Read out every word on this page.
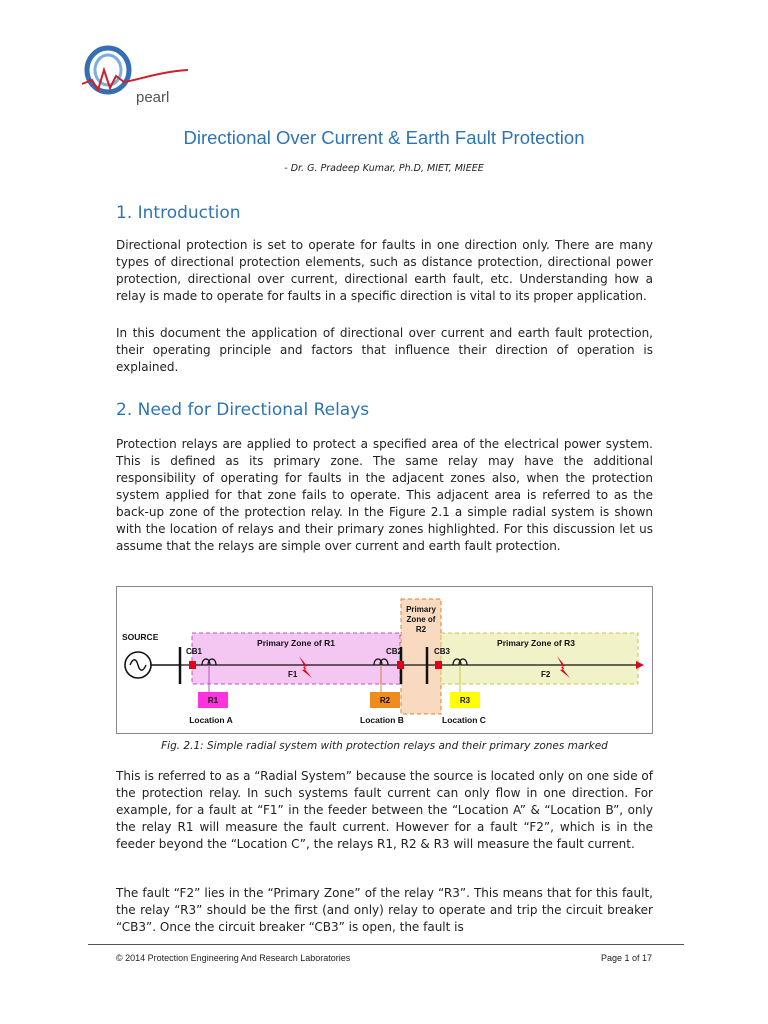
pearl
Directional Over Current & Earth Fault Protection
- Dr. G. Pradeep Kumar, Ph.D, MIET, MIEEE
1. Introduction
Directional protection is set to operate for faults in one direction only. There are many types of directional protection elements, such as distance protection, directional power protection, directional over current, directional earth fault, etc. Understanding how a relay is made to operate for faults in a specific direction is vital to its proper application.
In this document the application of directional over current and earth fault protection, their operating principle and factors that influence their direction of operation is explained.
2. Need for Directional Relays
Protection relays are applied to protect a specified area of the electrical power system. This is defined as its primary zone. The same relay may have the additional responsibility of operating for faults in the adjacent zones also, when the protection system applied for that zone fails to operate. This adjacent area is referred to as the back-up zone of the protection relay. In the Figure 2.1 a simple radial system is shown with the location of relays and their primary zones highlighted. For this discussion let us assume that the relays are simple over current and earth fault protection.
SOURCE
CB1	CB2	CB3
R1	R2	R3
Location A	Location B	Location C
Primary Zone of R1
Primary
Zone of
R2
Primary Zone of R3
F1	F2
Fig. 2.1: Simple radial system with protection relays and their primary zones marked
This is referred to as a “Radial System” because the source is located only on one side of the protection relay. In such systems fault current can only flow in one direction. For example, for a fault at “F1” in the feeder between the “Location A” & “Location B”, only the relay R1 will measure the fault current. However for a fault “F2”, which is in the feeder beyond the “Location C”, the relays R1, R2 & R3 will measure the fault current.
The fault “F2” lies in the “Primary Zone” of the relay “R3”. This means that for this fault, the relay “R3” should be the first (and only) relay to operate and trip the circuit breaker “CB3”. Once the circuit breaker “CB3” is open, the fault is
© 2014 Protection Engineering And Research Laboratories	Page 1 of 17
